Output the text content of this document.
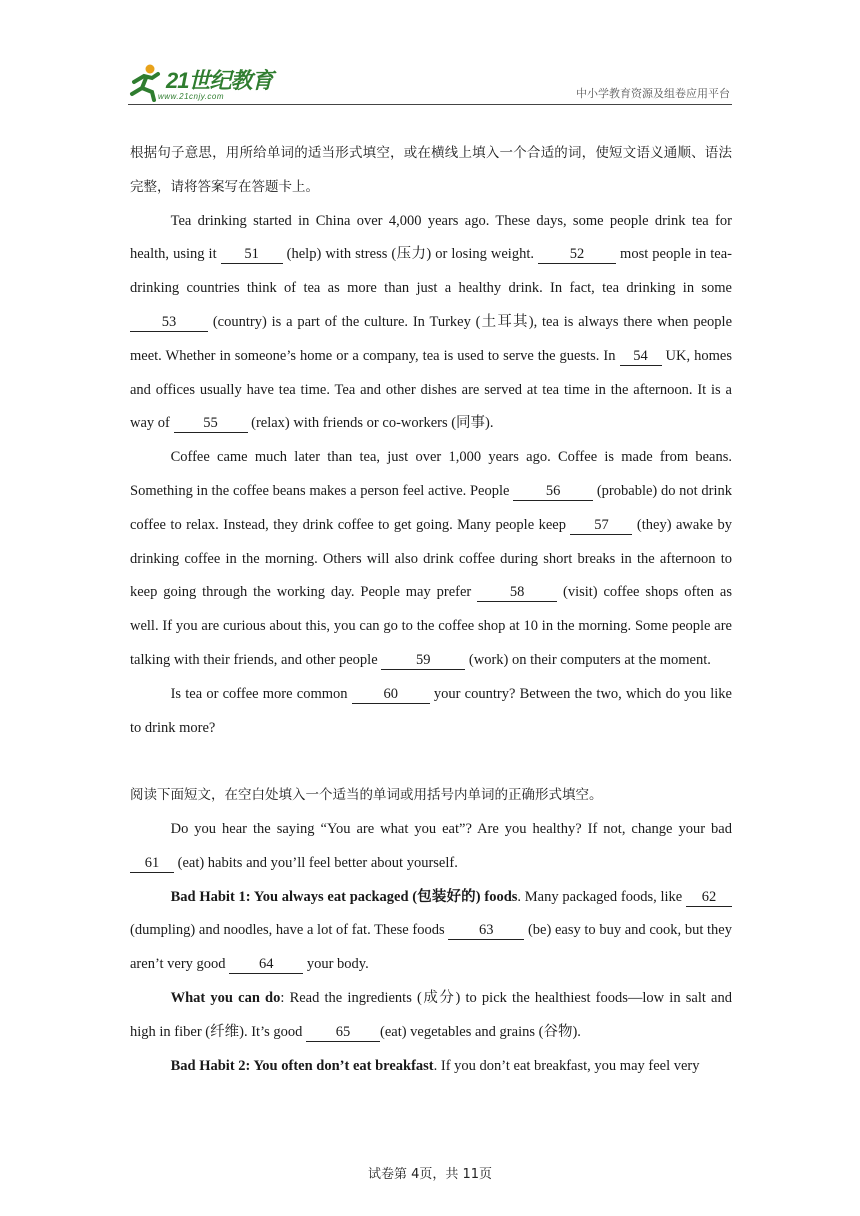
21世纪教育
www.21cnjy.com	中小学教育资源及组卷应用平台

根据句子意思，用所给单词的适当形式填空，或在横线上填入一个合适的词，使短文语义通顺、语法完整，请将答案写在答题卡上。

Tea drinking started in China over 4,000 years ago. These days, some people drink tea for health, using it 51 (help) with stress (压力) or losing weight. 52 most people in tea-drinking countries think of tea as more than just a healthy drink. In fact, tea drinking in some 53 (country) is a part of the culture. In Turkey (土耳其), tea is always there when people meet. Whether in someone’s home or a company, tea is used to serve the guests. In 54 UK, homes and offices usually have tea time. Tea and other dishes are served at tea time in the afternoon. It is a way of 55 (relax) with friends or co-workers (同事).

Coffee came much later than tea, just over 1,000 years ago. Coffee is made from beans. Something in the coffee beans makes a person feel active. People 56 (probable) do not drink coffee to relax. Instead, they drink coffee to get going. Many people keep 57 (they) awake by drinking coffee in the morning. Others will also drink coffee during short breaks in the afternoon to keep going through the working day. People may prefer 58 (visit) coffee shops often as well. If you are curious about this, you can go to the coffee shop at 10 in the morning. Some people are talking with their friends, and other people 59 (work) on their computers at the moment.

Is tea or coffee more common 60 your country? Between the two, which do you like to drink more?

阅读下面短文，在空白处填入一个适当的单词或用括号内单词的正确形式填空。

Do you hear the saying “You are what you eat”? Are you healthy? If not, change your bad 61 (eat) habits and you’ll feel better about yourself.

Bad Habit 1: You always eat packaged (包装好的) foods. Many packaged foods, like 62 (dumpling) and noodles, have a lot of fat. These foods 63 (be) easy to buy and cook, but they aren’t very good 64 your body.

What you can do: Read the ingredients (成分) to pick the healthiest foods—low in salt and high in fiber (纤维). It’s good 65 (eat) vegetables and grains (谷物).

Bad Habit 2: You often don’t eat breakfast. If you don’t eat breakfast, you may feel very

试卷第 4页，共 11页
